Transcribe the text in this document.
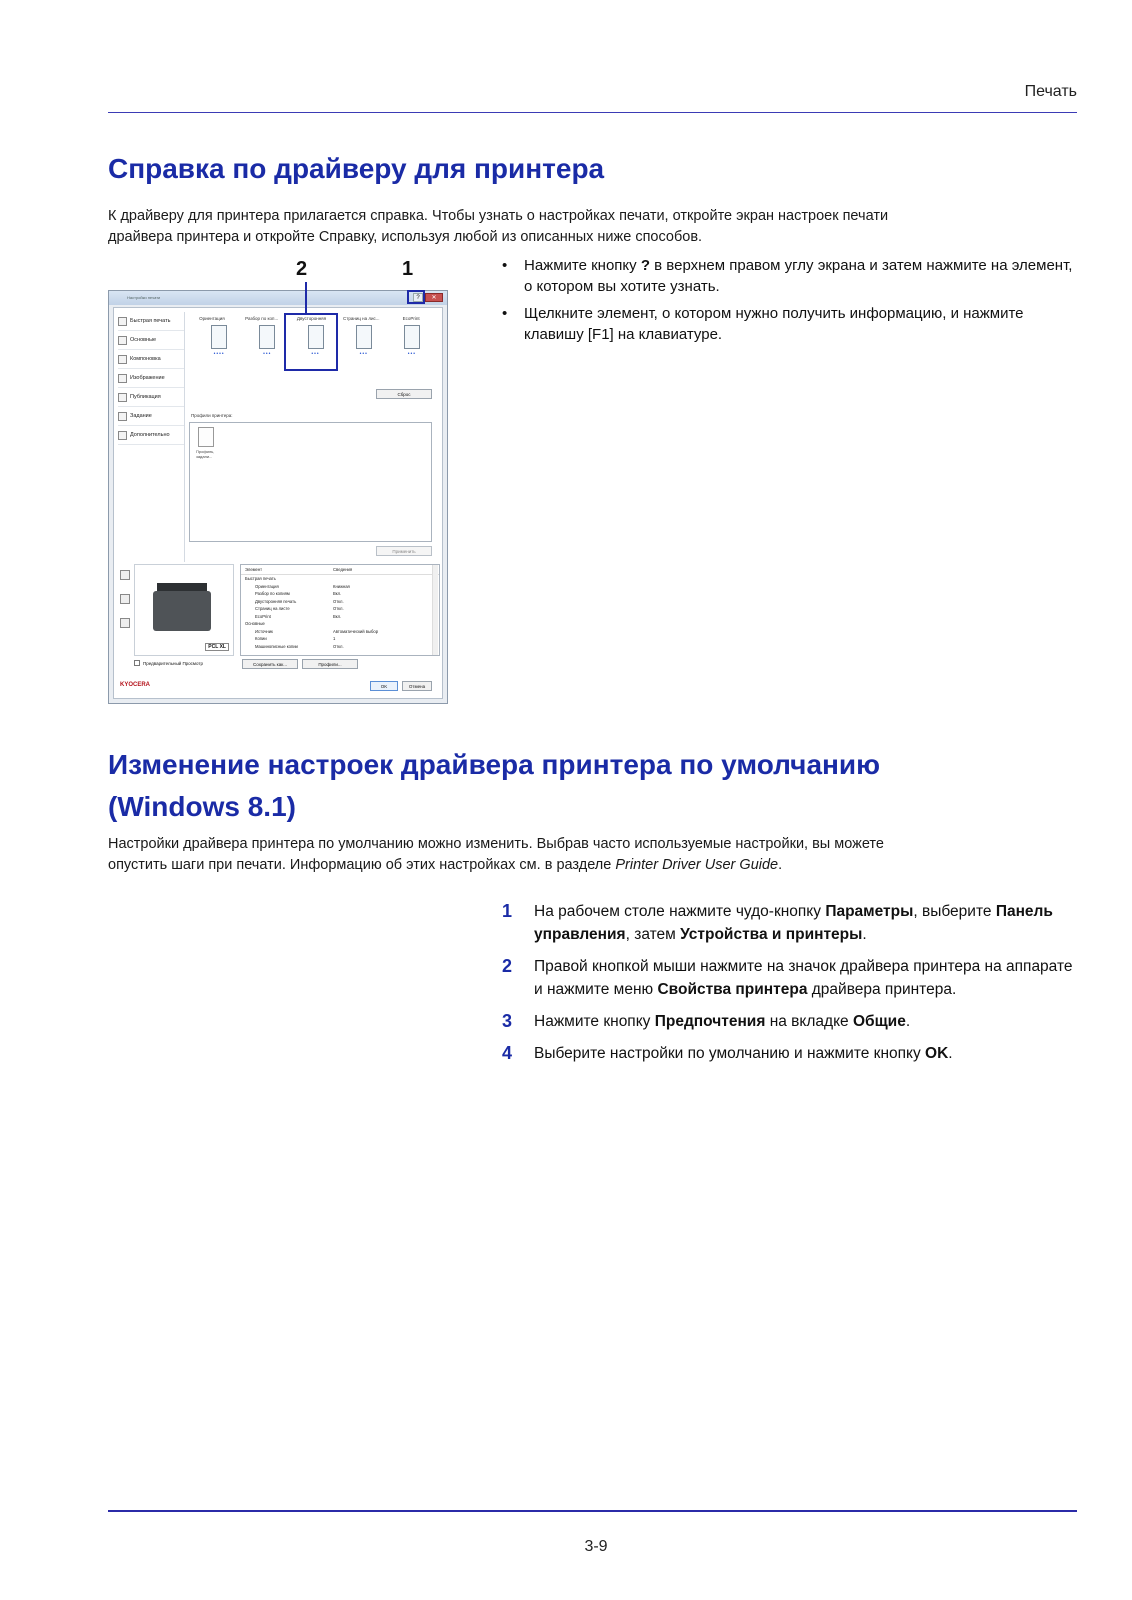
Печать
Справка по драйверу для принтера
К драйверу для принтера прилагается справка. Чтобы узнать о настройках печати, откройте экран настроек печати
драйвера принтера и откройте Справку, используя любой из описанных ниже способов.
2	1
•	Нажмите кнопку ? в верхнем правом углу экрана и затем нажмите на элемент, о котором вы хотите узнать.
• Щелкните элемент, о котором нужно получить информацию, и нажмите клавишу [F1] на клавиатуре.
Настройки печати	?	✕
Быстрая печать
Основные
Компоновка
Изображение
Публикация
Задание
Дополнительно
Ориентация	Разбор по коп...	Двусторонняя	Страниц на лис...	EcoPrint
••••	•••	•••	•••	•••
Сброс
Профили принтера:
Профиль,
задани...
Применить
PCL XL
Элемент	Сведения
Быстрая печать
Ориентация	Книжная
Разбор по копиям	Вкл.
Двусторонняя печать	Откл.
Страниц на листе	Откл.
EcoPrint	Вкл.
Основные
Источник	Автоматический выбор
Копии	1
Машинописные копии	Откл.
Предварительный Просмотр	Сохранить как...	Профили...
KYOCERA	OK	Отмена
Изменение настроек драйвера принтера по умолчанию
(Windows 8.1)
Настройки драйвера принтера по умолчанию можно изменить. Выбрав часто используемые настройки, вы можете
опустить шаги при печати. Информацию об этих настройках см. в разделе Printer Driver User Guide.
1 На рабочем столе нажмите чудо-кнопку Параметры, выберите Панель управления, затем Устройства и принтеры.
2 Правой кнопкой мыши нажмите на значок драйвера принтера на аппарате и нажмите меню Свойства принтера драйвера принтера.
3 Нажмите кнопку Предпочтения на вкладке Общие.
4 Выберите настройки по умолчанию и нажмите кнопку OK.
3-9
